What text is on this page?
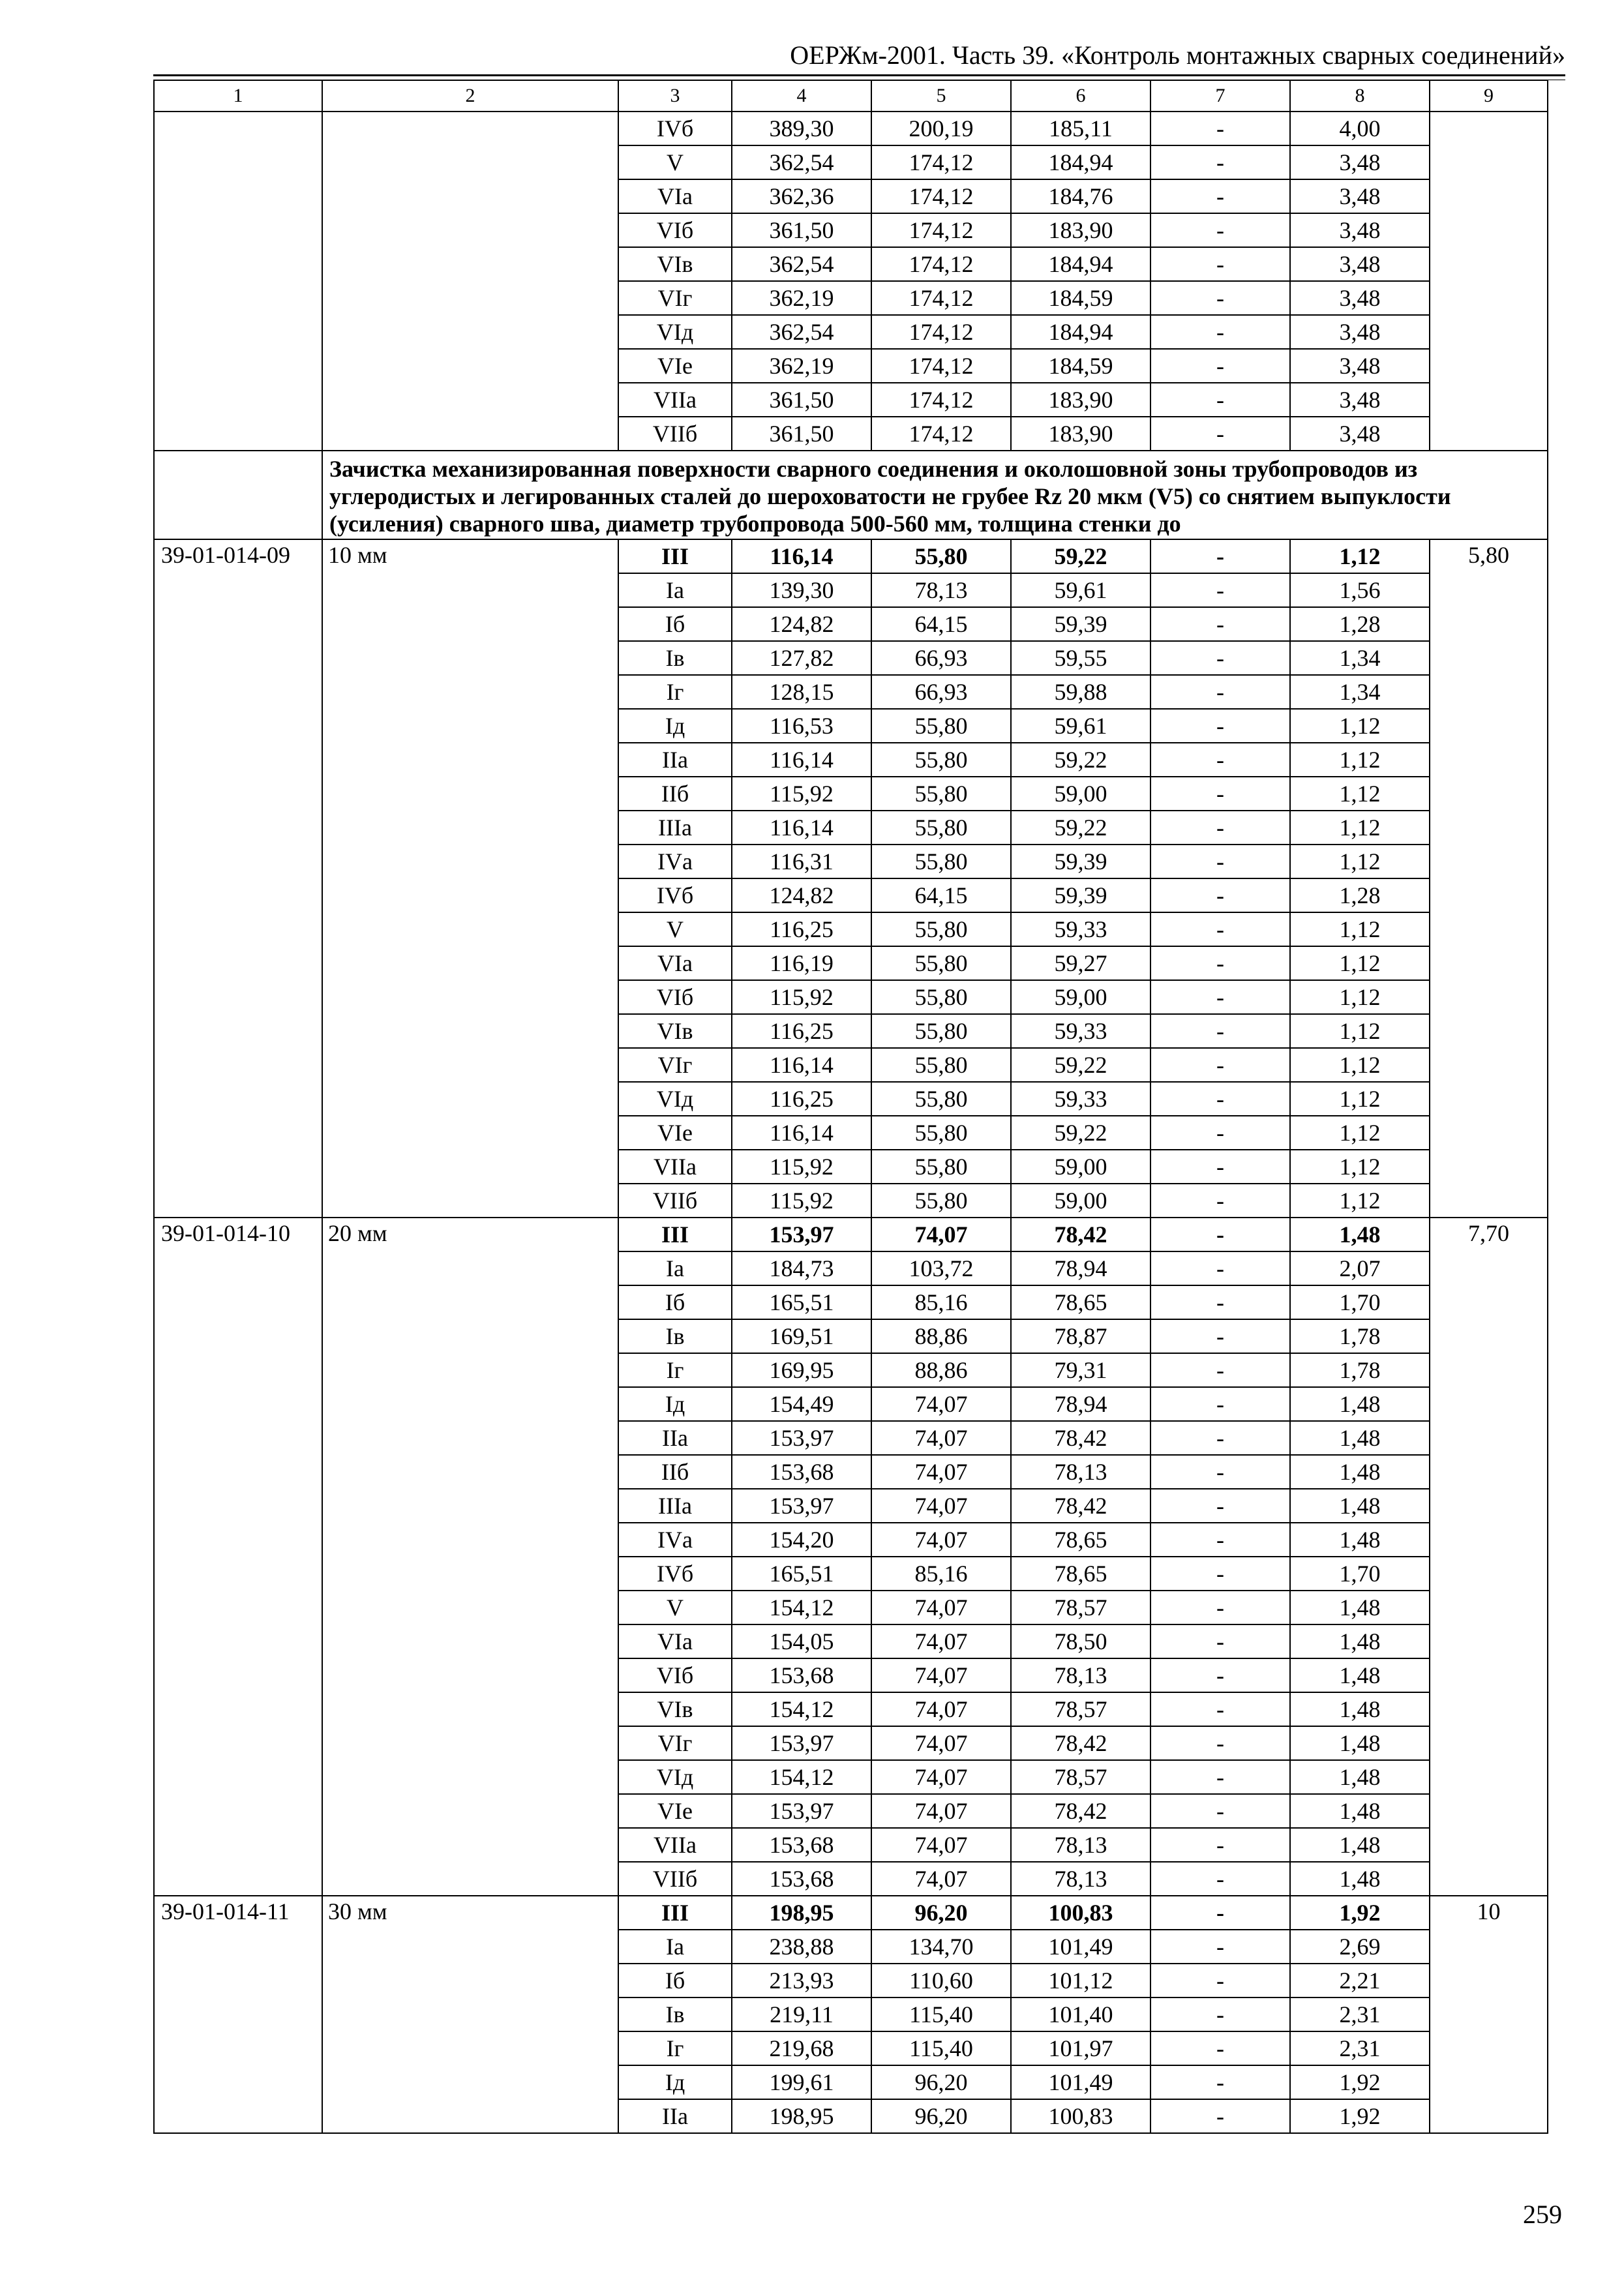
ОЕРЖм-2001. Часть 39. «Контроль монтажных сварных соединений»
1	2	3	4	5	6	7	8	9
		IVб	389,30	200,19	185,11	-	4,00	
		V	362,54	174,12	184,94	-	3,48	
		VIа	362,36	174,12	184,76	-	3,48	
		VIб	361,50	174,12	183,90	-	3,48	
		VIв	362,54	174,12	184,94	-	3,48	
		VIг	362,19	174,12	184,59	-	3,48	
		VIд	362,54	174,12	184,94	-	3,48	
		VIе	362,19	174,12	184,59	-	3,48	
		VIIа	361,50	174,12	183,90	-	3,48	
		VIIб	361,50	174,12	183,90	-	3,48	
	Зачистка механизированная поверхности сварного соединения и околошовной зоны трубопроводов из углеродистых и легированных сталей до шероховатости не грубее Rz 20 мкм (V5) со снятием выпуклости (усиления) сварного шва, диаметр трубопровода 500-560 мм, толщина стенки до							
39-01-014-09	10 мм	III	116,14	55,80	59,22	-	1,12	5,80
		Iа	139,30	78,13	59,61	-	1,56	
		Iб	124,82	64,15	59,39	-	1,28	
		Iв	127,82	66,93	59,55	-	1,34	
		Iг	128,15	66,93	59,88	-	1,34	
		Iд	116,53	55,80	59,61	-	1,12	
		IIа	116,14	55,80	59,22	-	1,12	
		IIб	115,92	55,80	59,00	-	1,12	
		IIIа	116,14	55,80	59,22	-	1,12	
		IVа	116,31	55,80	59,39	-	1,12	
		IVб	124,82	64,15	59,39	-	1,28	
		V	116,25	55,80	59,33	-	1,12	
		VIа	116,19	55,80	59,27	-	1,12	
		VIб	115,92	55,80	59,00	-	1,12	
		VIв	116,25	55,80	59,33	-	1,12	
		VIг	116,14	55,80	59,22	-	1,12	
		VIд	116,25	55,80	59,33	-	1,12	
		VIе	116,14	55,80	59,22	-	1,12	
		VIIа	115,92	55,80	59,00	-	1,12	
		VIIб	115,92	55,80	59,00	-	1,12	
39-01-014-10	20 мм	III	153,97	74,07	78,42	-	1,48	7,70
		Iа	184,73	103,72	78,94	-	2,07	
		Iб	165,51	85,16	78,65	-	1,70	
		Iв	169,51	88,86	78,87	-	1,78	
		Iг	169,95	88,86	79,31	-	1,78	
		Iд	154,49	74,07	78,94	-	1,48	
		IIа	153,97	74,07	78,42	-	1,48	
		IIб	153,68	74,07	78,13	-	1,48	
		IIIа	153,97	74,07	78,42	-	1,48	
		IVа	154,20	74,07	78,65	-	1,48	
		IVб	165,51	85,16	78,65	-	1,70	
		V	154,12	74,07	78,57	-	1,48	
		VIа	154,05	74,07	78,50	-	1,48	
		VIб	153,68	74,07	78,13	-	1,48	
		VIв	154,12	74,07	78,57	-	1,48	
		VIг	153,97	74,07	78,42	-	1,48	
		VIд	154,12	74,07	78,57	-	1,48	
		VIе	153,97	74,07	78,42	-	1,48	
		VIIа	153,68	74,07	78,13	-	1,48	
		VIIб	153,68	74,07	78,13	-	1,48	
39-01-014-11	30 мм	III	198,95	96,20	100,83	-	1,92	10
		Iа	238,88	134,70	101,49	-	2,69	
		Iб	213,93	110,60	101,12	-	2,21	
		Iв	219,11	115,40	101,40	-	2,31	
		Iг	219,68	115,40	101,97	-	2,31	
		Iд	199,61	96,20	101,49	-	1,92	
		IIа	198,95	96,20	100,83	-	1,92	
259
